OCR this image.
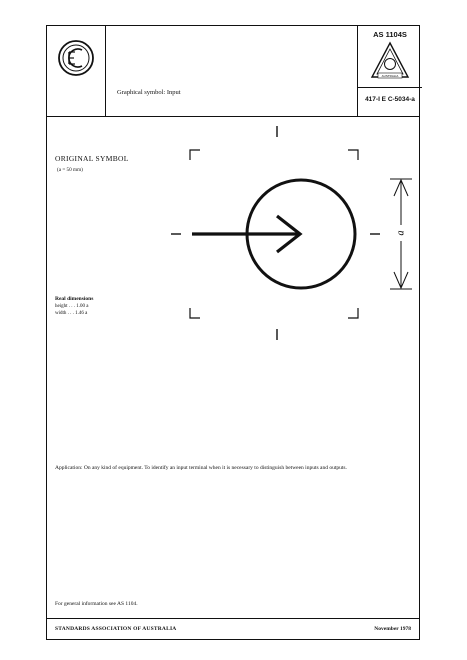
Graphical symbol: Input
AS 1104S
AUSTRALIA
417-I E C-5034-a
ORIGINAL SYMBOL
(a = 50 mm)
Real dimensions
height . . . 1.00 a
width . . . 1.46 a
Application: On any kind of equipment. To identify an input terminal when it is necessary to distinguish between inputs and outputs.
For general information see AS 1104.
STANDARDS ASSOCIATION OF AUSTRALIA	November 1978
a
